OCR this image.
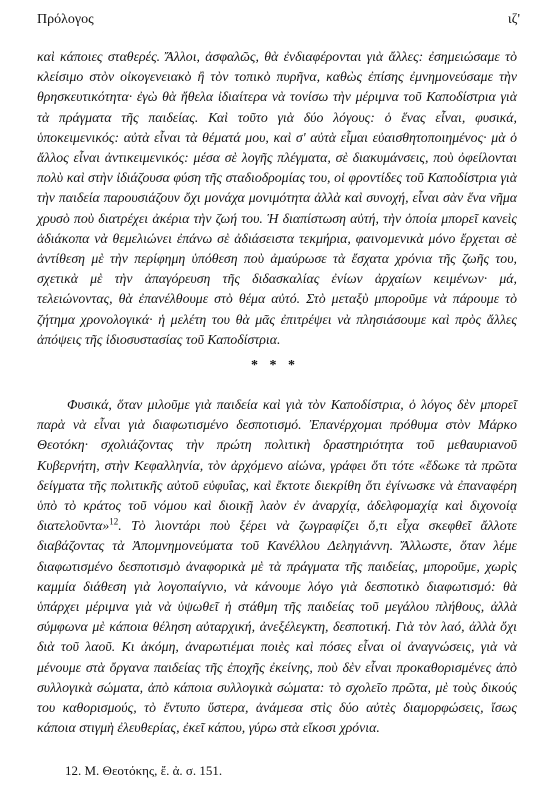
Πρόλογος	ιζ'
καὶ κάποιες σταθερές. Ἄλλοι, ἀσφαλῶς, θὰ ἐνδιαφέρονται γιὰ ἄλλες: ἐσημειώσαμε τὸ κλείσιμο στὸν οἰκογενειακὸ ἢ τὸν τοπικὸ πυρῆνα, καθὼς ἐπίσης ἐμνημονεύσαμε τὴν θρησκευτικότητα· ἐγὼ θὰ ἤθελα ἰδιαίτερα νὰ τονίσω τὴν μέριμνα τοῦ Καποδίστρια γιὰ τὰ πράγματα τῆς παιδείας. Καὶ τοῦτο γιὰ δύο λόγους: ὁ ἕνας εἶναι, φυσικά, ὑποκειμενικός: αὐτὰ εἶναι τὰ θέματά μου, καὶ σ' αὐτὰ εἶμαι εὐαισθητοποιημένος· μὰ ὁ ἄλλος εἶναι ἀντικειμενικός: μέσα σὲ λογῆς πλέγματα, σὲ διακυμάνσεις, ποὺ ὀφείλονται πολὺ καὶ στὴν ἰδιάζουσα φύση τῆς σταδιοδρομίας του, οἱ φροντίδες τοῦ Καποδίστρια γιὰ τὴν παιδεία παρουσιάζουν ὄχι μονάχα μονιμότητα ἀλλὰ καὶ συνοχή, εἶναι σὰν ἕνα νῆμα χρυσὸ ποὺ διατρέχει ἀκέρια τὴν ζωή του. Ἡ διαπίστωση αὐτή, τὴν ὁποία μπορεῖ κανεὶς ἀδιάκοπα νὰ θεμελιώνει ἐπάνω σὲ ἀδιάσειστα τεκμήρια, φαινομενικὰ μόνο ἔρχεται σὲ ἀντίθεση μὲ τὴν περίφημη ὑπόθεση ποὺ ἀμαύρωσε τὰ ἔσχατα χρόνια τῆς ζωῆς του, σχετικὰ μὲ τὴν ἀπαγόρευση τῆς διδασκαλίας ἐνίων ἀρχαίων κειμένων· μά, τελειώνοντας, θὰ ἐπανέλθουμε στὸ θέμα αὐτό. Στὸ μεταξὺ μποροῦμε νὰ πάρουμε τὸ ζήτημα χρονολογικά· ἡ μελέτη του θὰ μᾶς ἐπιτρέψει νὰ πλησιάσουμε καὶ πρὸς ἄλλες ἀπόψεις τῆς ἰδιοσυστασίας τοῦ Καποδίστρια.
* * *
Φυσικά, ὅταν μιλοῦμε γιὰ παιδεία καὶ γιὰ τὸν Καποδίστρια, ὁ λόγος δὲν μπορεῖ παρὰ νὰ εἶναι γιὰ διαφωτισμένο δεσποτισμό. Ἐπανέρχομαι πρόθυμα στὸν Μάρκο Θεοτόκη· σχολιάζοντας τὴν πρώτη πολιτικὴ δραστηριότητα τοῦ μεθαυριανοῦ Κυβερνήτη, στὴν Κεφαλληνία, τὸν ἀρχόμενο αἰώνα, γράφει ὅτι τότε «ἔδωκε τὰ πρῶτα δείγματα τῆς πολιτικῆς αὐτοῦ εὐφυΐας, καὶ ἔκτοτε διεκρίθη ὅτι ἐγίνωσκε νὰ ἐπαναφέρη ὑπὸ τὸ κράτος τοῦ νόμου καὶ διοικῇ λαὸν ἐν ἀναρχίᾳ, ἀδελφομαχίᾳ καὶ διχονοίᾳ διατελοῦντα»$^{12}$. Τὸ λιοντάρι ποὺ ξέρει νὰ ζωγραφίζει ὅ,τι εἶχα σκεφθεῖ ἄλλοτε διαβάζοντας τὰ Ἀπομνημονεύματα τοῦ Κανέλλου Δεληγιάννη. Ἄλλωστε, ὅταν λέμε διαφωτισμένο δεσποτισμὸ ἀναφορικὰ μὲ τὰ πράγματα τῆς παιδείας, μποροῦμε, χωρὶς καμμία διάθεση γιὰ λογοπαίγνιο, νὰ κάνουμε λόγο γιὰ δεσποτικὸ διαφωτισμό: θὰ ὑπάρχει μέριμνα γιὰ νὰ ὑψωθεῖ ἡ στάθμη τῆς παιδείας τοῦ μεγάλου πλήθους, ἀλλὰ σύμφωνα μὲ κάποια θέληση αὐταρχική, ἀνεξέλεγκτη, δεσποτική. Γιὰ τὸν λαό, ἀλλὰ ὄχι διὰ τοῦ λαοῦ. Κι ἀκόμη, ἀναρωτιέμαι ποιὲς καὶ πόσες εἶναι οἱ ἀναγνώσεις, γιὰ νὰ μένουμε στὰ ὄργανα παιδείας τῆς ἐποχῆς ἐκείνης, ποὺ δὲν εἶναι προκαθορισμένες ἀπὸ συλλογικὰ σώματα, ἀπὸ κάποια συλλογικὰ σώματα: τὸ σχολεῖο πρῶτα, μὲ τοὺς δικούς του καθορισμούς, τὸ ἔντυπο ὕστερα, ἀνάμεσα στὶς δύο αὐτὲς διαμορφώσεις, ἴσως κάποια στιγμὴ ἐλευθερίας, ἐκεῖ κάπου, γύρω στὰ εἴκοσι χρόνια.
12. Μ. Θεοτόκης, ἔ. ἀ. σ. 151.
